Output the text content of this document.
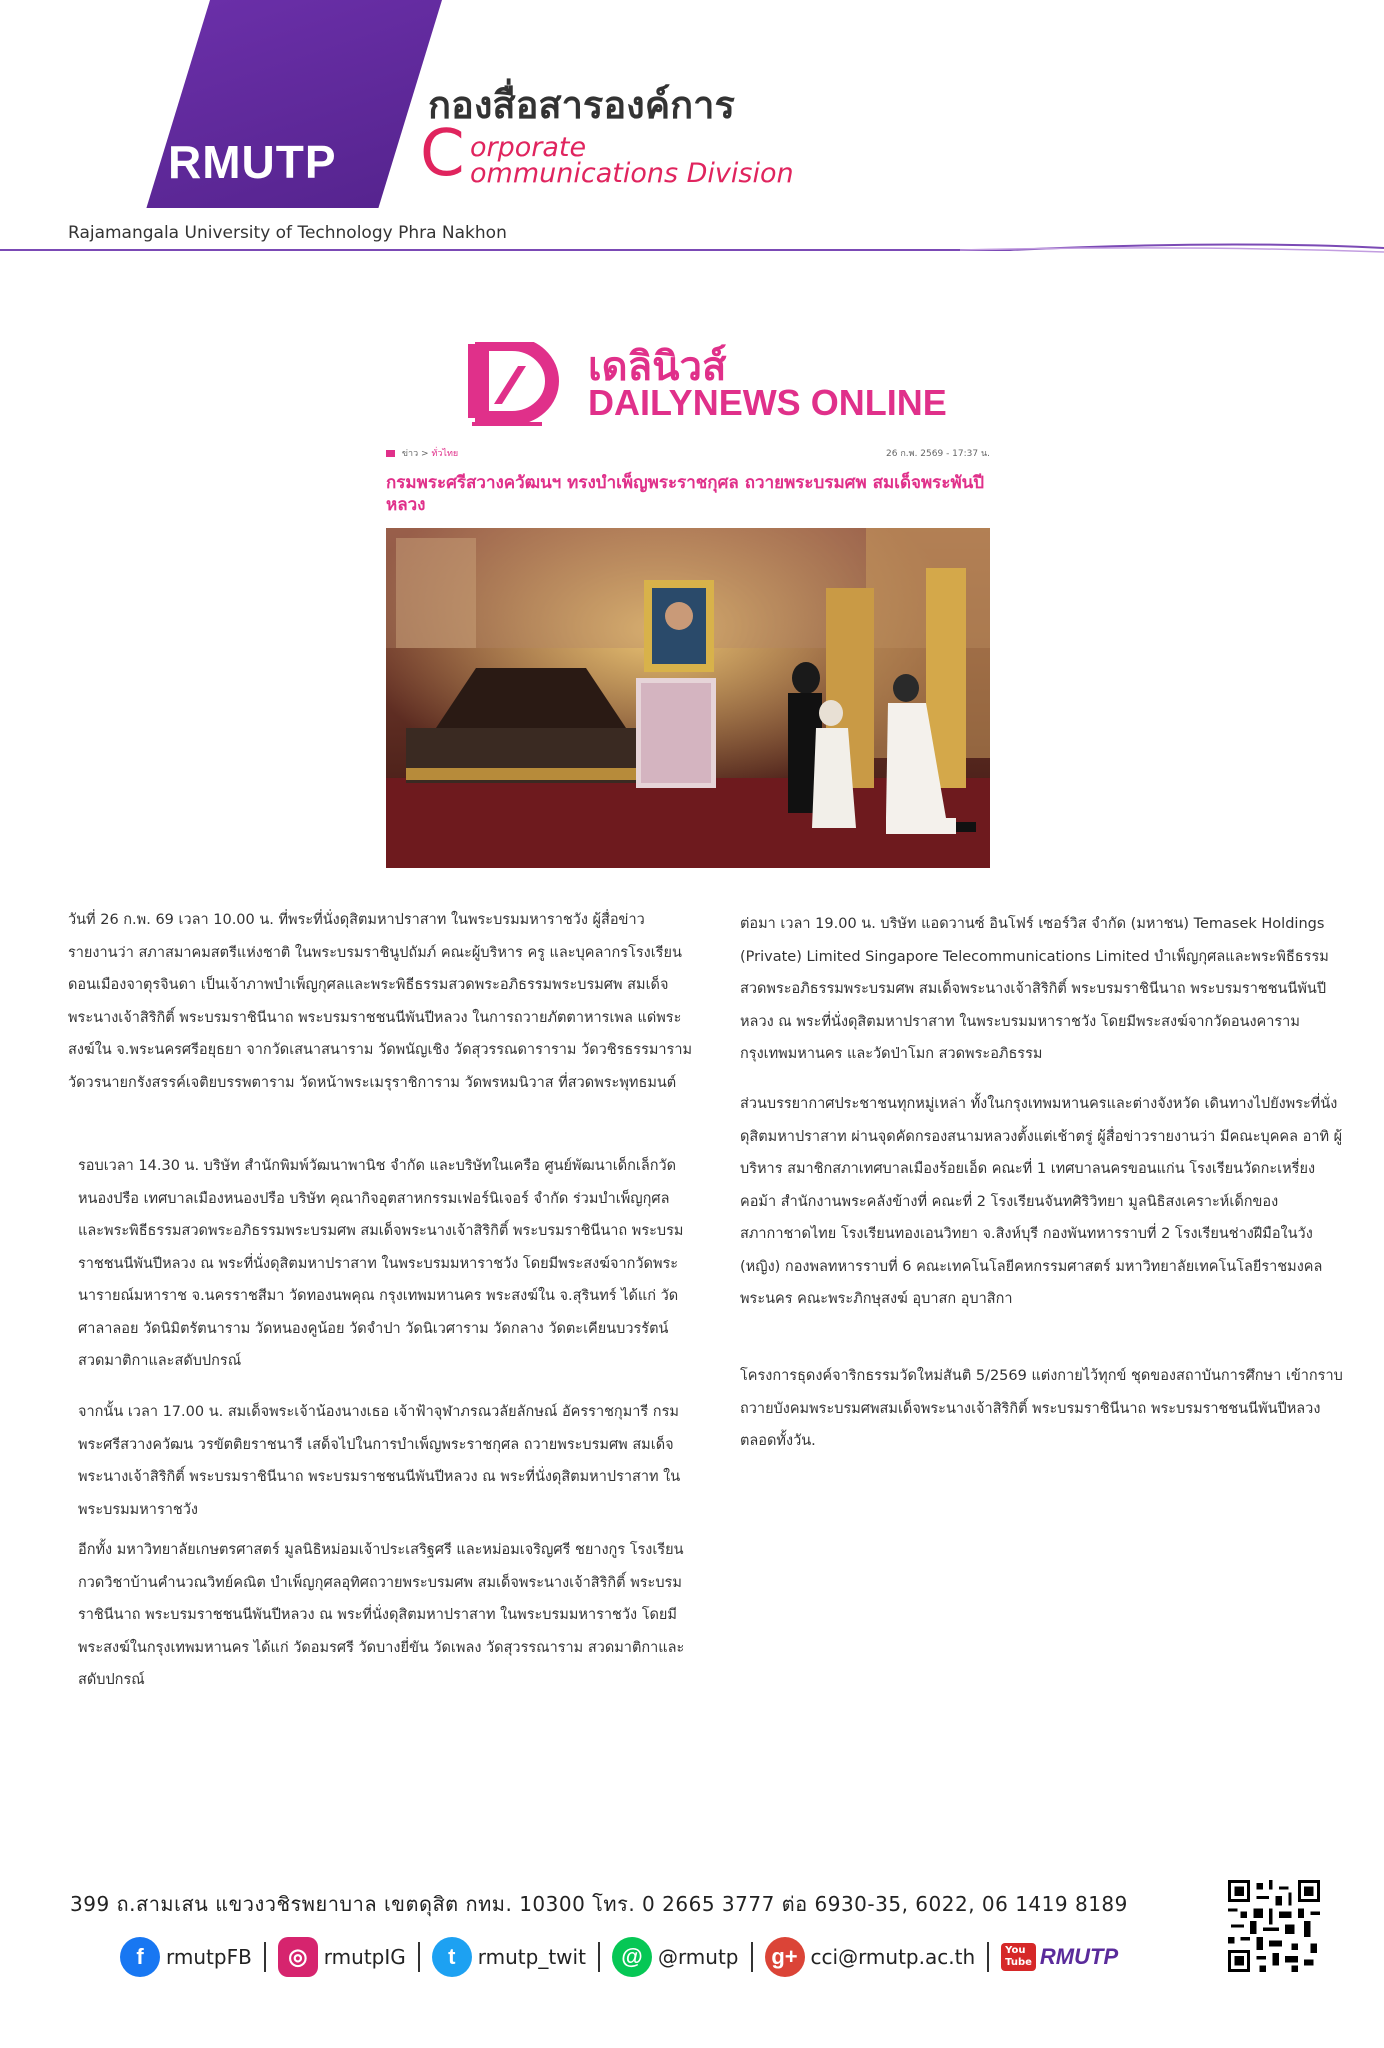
RMUTP
กองสื่อสารองค์การ
C orporate
ommunications Division
Rajamangala University of Technology Phra Nakhon
เดลินิวส์
DAILYNEWS ONLINE
ข่าว > ทั่วไทย	26 ก.พ. 2569 - 17:37 น.
กรมพระศรีสวางควัฒนฯ ทรงบำเพ็ญพระราชกุศล ถวายพระบรมศพ สมเด็จพระพันปีหลวง

วันที่ 26 ก.พ. 69 เวลา 10.00 น. ที่พระที่นั่งดุสิตมหาปราสาท ในพระบรมมหาราชวัง ผู้สื่อข่าวรายงานว่า สภาสมาคมสตรีแห่งชาติ ในพระบรมราชินูปถัมภ์ คณะผู้บริหาร ครู และบุคลากรโรงเรียนดอนเมืองจาตุรจินดา เป็นเจ้าภาพบำเพ็ญกุศลและพระพิธีธรรมสวดพระอภิธรรมพระบรมศพ สมเด็จพระนางเจ้าสิริกิติ์ พระบรมราชินีนาถ พระบรมราชชนนีพันปีหลวง ในการถวายภัตตาหารเพล แด่พระสงฆ์ใน จ.พระนครศรีอยุธยา จากวัดเสนาสนาราม วัดพนัญเชิง วัดสุวรรณดาราราม วัดวชิรธรรมาราม วัดวรนายกรังสรรค์เจติยบรรพตาราม วัดหน้าพระเมรุราชิการาม วัดพรหมนิวาส ที่สวดพระพุทธมนต์

รอบเวลา 14.30 น. บริษัท สำนักพิมพ์วัฒนาพานิช จำกัด และบริษัทในเครือ ศูนย์พัฒนาเด็กเล็กวัดหนองปรือ เทศบาลเมืองหนองปรือ บริษัท คุณากิจอุตสาหกรรมเฟอร์นิเจอร์ จำกัด ร่วมบำเพ็ญกุศลและพระพิธีธรรมสวดพระอภิธรรมพระบรมศพ สมเด็จพระนางเจ้าสิริกิติ์ พระบรมราชินีนาถ พระบรมราชชนนีพันปีหลวง ณ พระที่นั่งดุสิตมหาปราสาท ในพระบรมมหาราชวัง โดยมีพระสงฆ์จากวัดพระนารายณ์มหาราช จ.นครราชสีมา วัดทองนพคุณ กรุงเทพมหานคร พระสงฆ์ใน จ.สุรินทร์ ได้แก่ วัดศาลาลอย วัดนิมิตรัตนาราม วัดหนองคูน้อย วัดจำปา วัดนิเวศาราม วัดกลาง วัดตะเคียนบวรรัตน์ สวดมาติกาและสดับปกรณ์

จากนั้น เวลา 17.00 น. สมเด็จพระเจ้าน้องนางเธอ เจ้าฟ้าจุฬาภรณวลัยลักษณ์ อัครราชกุมารี กรมพระศรีสวางควัฒน วรขัตติยราชนารี เสด็จไปในการบำเพ็ญพระราชกุศล ถวายพระบรมศพ สมเด็จพระนางเจ้าสิริกิติ์ พระบรมราชินีนาถ พระบรมราชชนนีพันปีหลวง ณ พระที่นั่งดุสิตมหาปราสาท ในพระบรมมหาราชวัง

อีกทั้ง มหาวิทยาลัยเกษตรศาสตร์ มูลนิธิหม่อมเจ้าประเสริฐศรี และหม่อมเจริญศรี ชยางกูร โรงเรียนกวดวิชาบ้านคำนวณวิทย์คณิต บำเพ็ญกุศลอุทิศถวายพระบรมศพ สมเด็จพระนางเจ้าสิริกิติ์ พระบรมราชินีนาถ พระบรมราชชนนีพันปีหลวง ณ พระที่นั่งดุสิตมหาปราสาท ในพระบรมมหาราชวัง โดยมีพระสงฆ์ในกรุงเทพมหานคร ได้แก่ วัดอมรศรี วัดบางยี่ขัน วัดเพลง วัดสุวรรณาราม สวดมาติกาและสดับปกรณ์

ต่อมา เวลา 19.00 น. บริษัท แอดวานซ์ อินโฟร์ เซอร์วิส จำกัด (มหาชน) Temasek Holdings (Private) Limited Singapore Telecommunications Limited บำเพ็ญกุศลและพระพิธีธรรมสวดพระอภิธรรมพระบรมศพ สมเด็จพระนางเจ้าสิริกิติ์ พระบรมราชินีนาถ พระบรมราชชนนีพันปีหลวง ณ พระที่นั่งดุสิตมหาปราสาท ในพระบรมมหาราชวัง โดยมีพระสงฆ์จากวัดอนงคาราม กรุงเทพมหานคร และวัดป่าโมก สวดพระอภิธรรม

ส่วนบรรยากาศประชาชนทุกหมู่เหล่า ทั้งในกรุงเทพมหานครและต่างจังหวัด เดินทางไปยังพระที่นั่งดุสิตมหาปราสาท ผ่านจุดคัดกรองสนามหลวงตั้งแต่เช้าตรู่ ผู้สื่อข่าวรายงานว่า มีคณะบุคคล อาทิ ผู้บริหาร สมาชิกสภาเทศบาลเมืองร้อยเอ็ด คณะที่ 1 เทศบาลนครขอนแก่น โรงเรียนวัดกะเหรี่ยงคอม้า สำนักงานพระคลังข้างที่ คณะที่ 2 โรงเรียนจันทศิริวิทยา มูลนิธิสงเคราะห์เด็กของสภากาชาดไทย โรงเรียนทองเอนวิทยา จ.สิงห์บุรี กองพันทหารราบที่ 2 โรงเรียนช่างฝีมือในวัง (หญิง) กองพลทหารราบที่ 6 คณะเทคโนโลยีคหกรรมศาสตร์ มหาวิทยาลัยเทคโนโลยีราชมงคลพระนคร คณะพระภิกษุสงฆ์ อุบาสก อุบาสิกา

โครงการธุดงค์จาริกธรรมวัดใหม่สันติ 5/2569 แต่งกายไว้ทุกข์ ชุดของสถาบันการศึกษา เข้ากราบถวายบังคมพระบรมศพสมเด็จพระนางเจ้าสิริกิติ์ พระบรมราชินีนาถ พระบรมราชชนนีพันปีหลวง ตลอดทั้งวัน.

399 ถ.สามเสน แขวงวชิรพยาบาล เขตดุสิต กทม. 10300 โทร. 0 2665 3777 ต่อ 6930-35, 6022, 06 1419 8189
f	rmutpFB	◎ rmutpIG	t	rmutp_twit	@ @rmutp	g+ cci@rmutp.ac.th	You
Tube RMUTP
